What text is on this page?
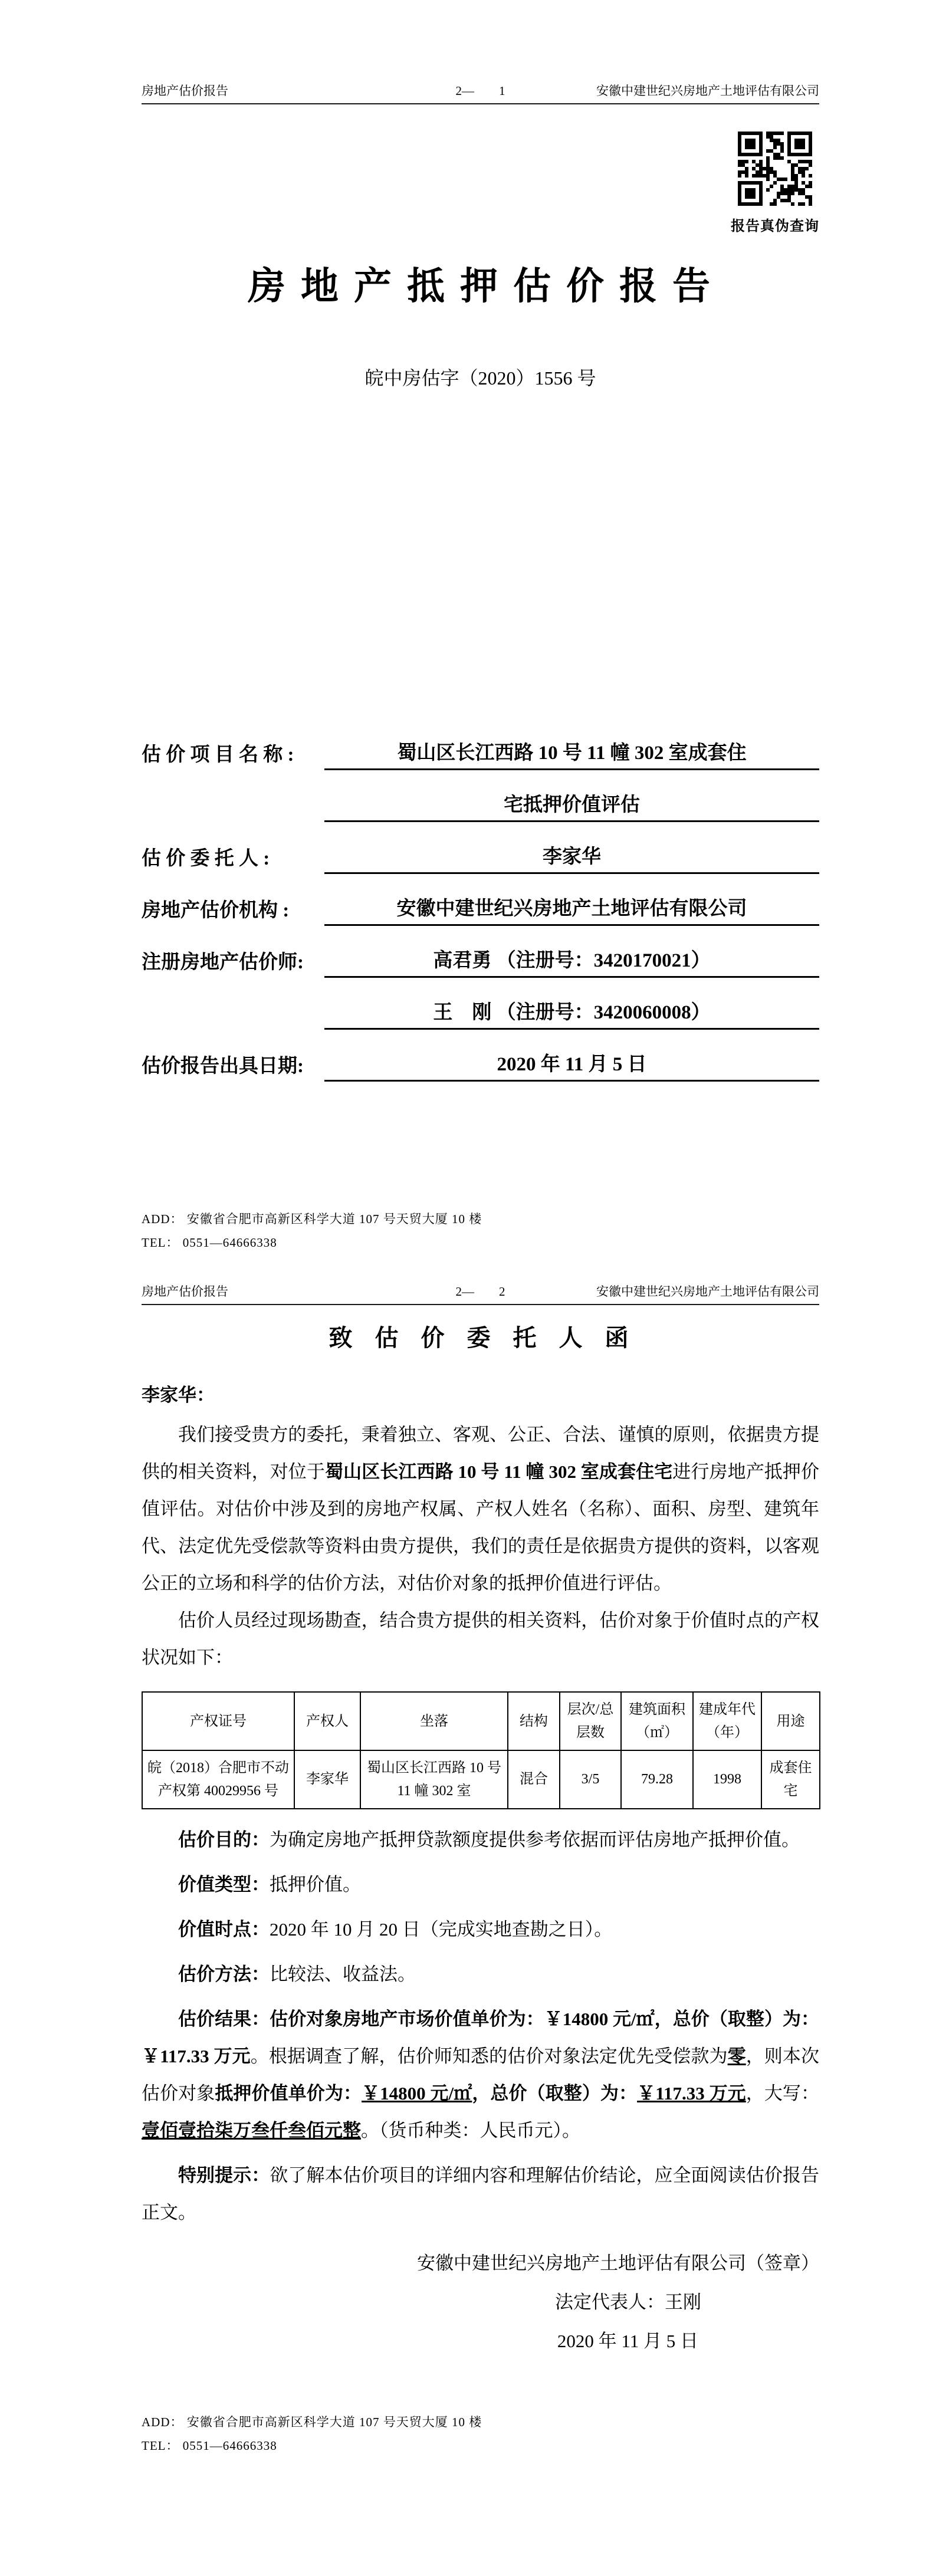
房地产估价报告	2—　　1	安徽中建世纪兴房地产土地评估有限公司
报告真伪查询
房 地 产 抵 押 估 价 报 告
皖中房估字（2020）1556 号
估 价 项 目 名 称 :	蜀山区长江西路 10 号 11 幢 302 室成套住
宅抵押价值评估
估 价 委 托 人 :	李家华
房地产估价机构 :	安徽中建世纪兴房地产土地评估有限公司
注册房地产估价师:	高君勇 （注册号：3420170021）
王　刚 （注册号：3420060008）
估价报告出具日期:	2020 年 11 月 5 日
ADD： 安徽省合肥市高新区科学大道 107 号天贸大厦 10 楼
TEL： 0551—64666338
房地产估价报告	2—　　2	安徽中建世纪兴房地产土地评估有限公司
致  估  价  委  托  人  函
李家华：

我们接受贵方的委托，秉着独立、客观、公正、合法、谨慎的原则，依据贵方提供的相关资料，对位于蜀山区长江西路 10 号 11 幢 302 室成套住宅进行房地产抵押价值评估。对估价中涉及到的房地产权属、产权人姓名（名称）、面积、房型、建筑年代、法定优先受偿款等资料由贵方提供，我们的责任是依据贵方提供的资料，以客观公正的立场和科学的估价方法，对估价对象的抵押价值进行评估。

估价人员经过现场勘查，结合贵方提供的相关资料，估价对象于价值时点的产权状况如下：

产权证号	产权人	坐落	结构	层次/总层数	建筑面积（㎡）	建成年代（年）	用途
皖（2018）合肥市不动产权第 40029956 号	李家华	蜀山区长江西路 10 号 11 幢 302 室	混合	3/5	79.28	1998	成套住宅

估价目的：为确定房地产抵押贷款额度提供参考依据而评估房地产抵押价值。

价值类型：抵押价值。

价值时点：2020 年 10 月 20 日（完成实地查勘之日）。

估价方法：比较法、收益法。

估价结果：估价对象房地产市场价值单价为：￥14800 元/㎡，总价（取整）为：￥117.33 万元。根据调查了解，估价师知悉的估价对象法定优先受偿款为零，则本次估价对象抵押价值单价为：￥14800 元/㎡，总价（取整）为：￥117.33 万元，大写：壹佰壹拾柒万叁仟叁佰元整。（货币种类：人民币元）。

特别提示：欲了解本估价项目的详细内容和理解估价结论，应全面阅读估价报告正文。

安徽中建世纪兴房地产土地评估有限公司（签章）
法定代表人：王刚
2020 年 11 月 5 日
ADD： 安徽省合肥市高新区科学大道 107 号天贸大厦 10 楼
TEL： 0551—64666338
